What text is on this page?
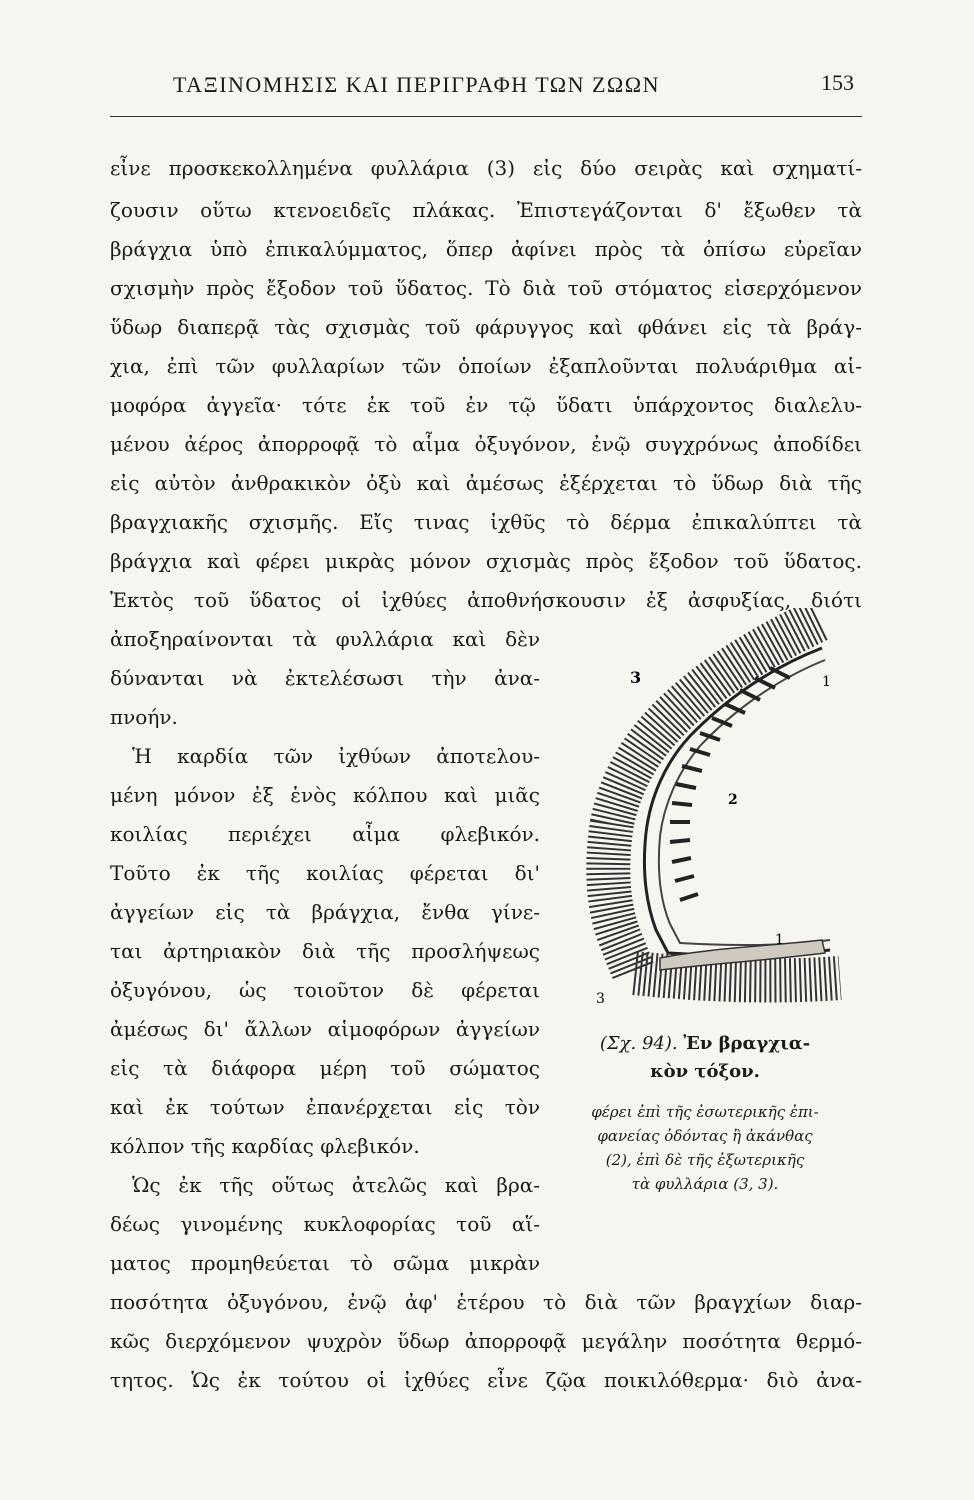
ΤΑΞΙΝΟΜΗΣΙΣ ΚΑΙ ΠΕΡΙΓΡΑΦΗ ΤΩΝ ΖΩΩΝ	153
εἶνε προσκεκολλημένα φυλλάρια (3) εἰς δύο σειρὰς καὶ σχηματί-
ζουσιν οὕτω κτενοειδεῖς πλάκας. Ἐπιστεγάζονται δ' ἔξωθεν τὰ
βράγχια ὑπὸ ἐπικαλύμματος, ὅπερ ἀφίνει πρὸς τὰ ὀπίσω εὐρεῖαν
σχισμὴν πρὸς ἔξοδον τοῦ ὕδατος. Τὸ διὰ τοῦ στόματος εἰσερχόμενον
ὕδωρ διαπερᾷ τὰς σχισμὰς τοῦ φάρυγγος καὶ φθάνει εἰς τὰ βράγ-
χια, ἐπὶ τῶν φυλλαρίων τῶν ὁποίων ἐξαπλοῦνται πολυάριθμα αἱ-
μοφόρα ἀγγεῖα· τότε ἐκ τοῦ ἐν τῷ ὕδατι ὑπάρχοντος διαλελυ-
μένου ἀέρος ἀπορροφᾷ τὸ αἷμα ὀξυγόνον, ἐνῷ συγχρόνως ἀποδίδει
εἰς αὐτὸν ἀνθρακικὸν ὀξὺ καὶ ἀμέσως ἐξέρχεται τὸ ὕδωρ διὰ τῆς
βραγχιακῆς σχισμῆς. Εἴς τινας ἰχθῦς τὸ δέρμα ἐπικαλύπτει τὰ
βράγχια καὶ φέρει μικρὰς μόνον σχισμὰς πρὸς ἔξοδον τοῦ ὕδατος.
Ἐκτὸς τοῦ ὕδατος οἱ ἰχθύες ἀποθνήσκουσιν ἐξ ἀσφυξίας, διότι
ἀποξηραίνονται τὰ φυλλάρια καὶ δὲν
δύνανται νὰ ἐκτελέσωσι τὴν ἀνα-
πνοήν.
Ἡ καρδία τῶν ἰχθύων ἀποτελου-
μένη μόνον ἐξ ἑνὸς κόλπου καὶ μιᾶς
κοιλίας περιέχει αἷμα φλεβικόν.
Τοῦτο ἐκ τῆς κοιλίας φέρεται δι'
ἀγγείων εἰς τὰ βράγχια, ἔνθα γίνε-
ται ἀρτηριακὸν διὰ τῆς προσλήψεως
ὀξυγόνου, ὡς τοιοῦτον δὲ φέρεται
ἀμέσως δι' ἄλλων αἱμοφόρων ἀγγείων
εἰς τὰ διάφορα μέρη τοῦ σώματος
καὶ ἐκ τούτων ἐπανέρχεται εἰς τὸν
κόλπον τῆς καρδίας φλεβικόν.
Ὡς ἐκ τῆς οὕτως ἀτελῶς καὶ βρα-
δέως γινομένης κυκλοφορίας τοῦ αἵ-
ματος προμηθεύεται τὸ σῶμα μικρὰν
ποσότητα ὀξυγόνου, ἐνῷ ἀφ' ἑτέρου τὸ διὰ τῶν βραγχίων διαρ-
κῶς διερχόμενον ψυχρὸν ὕδωρ ἀπορροφᾷ μεγάλην ποσότητα θερμό-
τητος. Ὡς ἐκ τούτου οἱ ἰχθύες εἶνε ζῷα ποικιλόθερμα· διὸ ἀνα-
3	1
2
1
3
(Σχ. 94). Ἐν βραγχια-
κὸν τόξον.
φέρει ἐπὶ τῆς ἐσωτερικῆς ἐπι-
φανείας ὀδόντας ἢ ἀκάνθας
(2), ἐπὶ δὲ τῆς ἐξωτερικῆς
τὰ φυλλάρια (3, 3).
